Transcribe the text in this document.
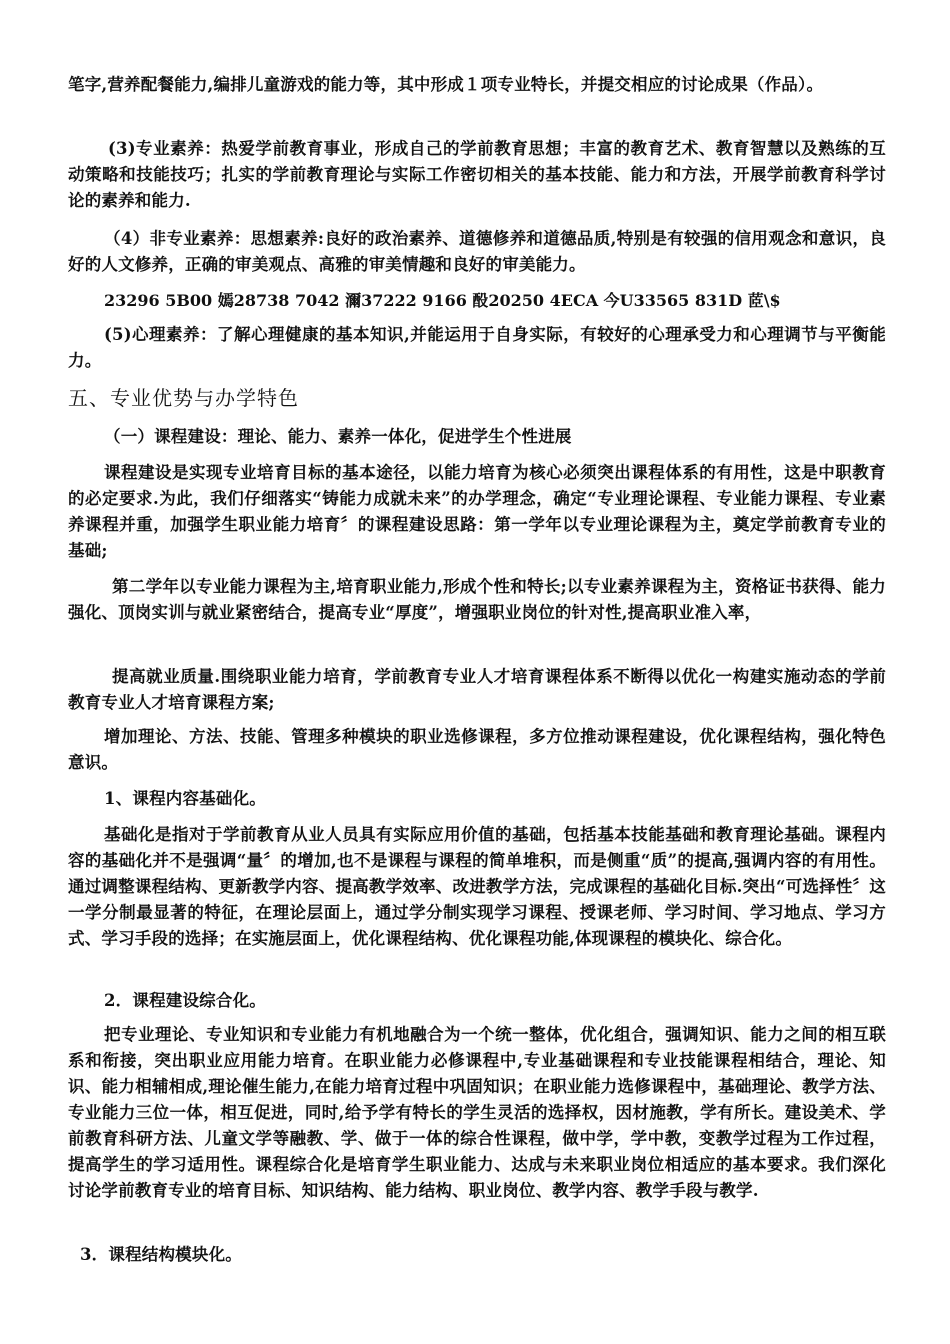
笔字,营养配餐能力,编排儿童游戏的能力等，其中形成１项专业特长，并提交相应的讨论成果（作品）。

(3)专业素养：热爱学前教育事业，形成自己的学前教育思想；丰富的教育艺术、教育智慧以及熟练的互动策略和技能技巧；扎实的学前教育理论与实际工作密切相关的基本技能、能力和方法，开展学前教育科学讨论的素养和能力.

（4）非专业素养：思想素养:良好的政治素养、道德修养和道德品质,特别是有较强的信用观念和意识，良好的人文修养，正确的审美观点、高雅的审美情趣和良好的审美能力。

23296 5B00 嫣28738 7042 濔37222 9166 酘20250 4ECA 今U33565 831D 茝\$

(5)心理素养：了解心理健康的基本知识,并能运用于自身实际，有较好的心理承受力和心理调节与平衡能力。

五、专业优势与办学特色

（一）课程建设：理论、能力、素养一体化，促进学生个性进展

课程建设是实现专业培育目标的基本途径，以能力培育为核心必须突出课程体系的有用性，这是中职教育的必定要求.为此，我们仔细落实“铸能力成就未来”的办学理念，确定“专业理论课程、专业能力课程、专业素养课程并重，加强学生职业能力培育〞的课程建设思路：第一学年以专业理论课程为主，奠定学前教育专业的基础;

第二学年以专业能力课程为主,培育职业能力,形成个性和特长;以专业素养课程为主，资格证书获得、能力强化、顶岗实训与就业紧密结合，提高专业“厚度”，增强职业岗位的针对性,提高职业准入率，

提高就业质量.围绕职业能力培育，学前教育专业人才培育课程体系不断得以优化一构建实施动态的学前教育专业人才培育课程方案;

增加理论、方法、技能、管理多种模块的职业选修课程，多方位推动课程建设，优化课程结构，强化特色意识。

1、课程内容基础化。

基础化是指对于学前教育从业人员具有实际应用价值的基础，包括基本技能基础和教育理论基础。课程内容的基础化并不是强调“量〞的增加,也不是课程与课程的简单堆积，而是侧重“质”的提高,强调内容的有用性。通过调整课程结构、更新教学内容、提高教学效率、改进教学方法，完成课程的基础化目标.突出“可选择性〞这一学分制最显著的特征，在理论层面上，通过学分制实现学习课程、授课老师、学习时间、学习地点、学习方式、学习手段的选择；在实施层面上，优化课程结构、优化课程功能,体现课程的模块化、综合化。

2．课程建设综合化。

把专业理论、专业知识和专业能力有机地融合为一个统一整体，优化组合，强调知识、能力之间的相互联系和衔接，突出职业应用能力培育。在职业能力必修课程中,专业基础课程和专业技能课程相结合，理论、知识、能力相辅相成,理论催生能力,在能力培育过程中巩固知识；在职业能力选修课程中，基础理论、教学方法、专业能力三位一体，相互促进，同时,给予学有特长的学生灵活的选择权，因材施教，学有所长。建设美术、学前教育科研方法、儿童文学等融教、学、做于一体的综合性课程，做中学，学中教，变教学过程为工作过程，提高学生的学习适用性。课程综合化是培育学生职业能力、达成与未来职业岗位相适应的基本要求。我们深化讨论学前教育专业的培育目标、知识结构、能力结构、职业岗位、教学内容、教学手段与教学.

3．课程结构模块化。
